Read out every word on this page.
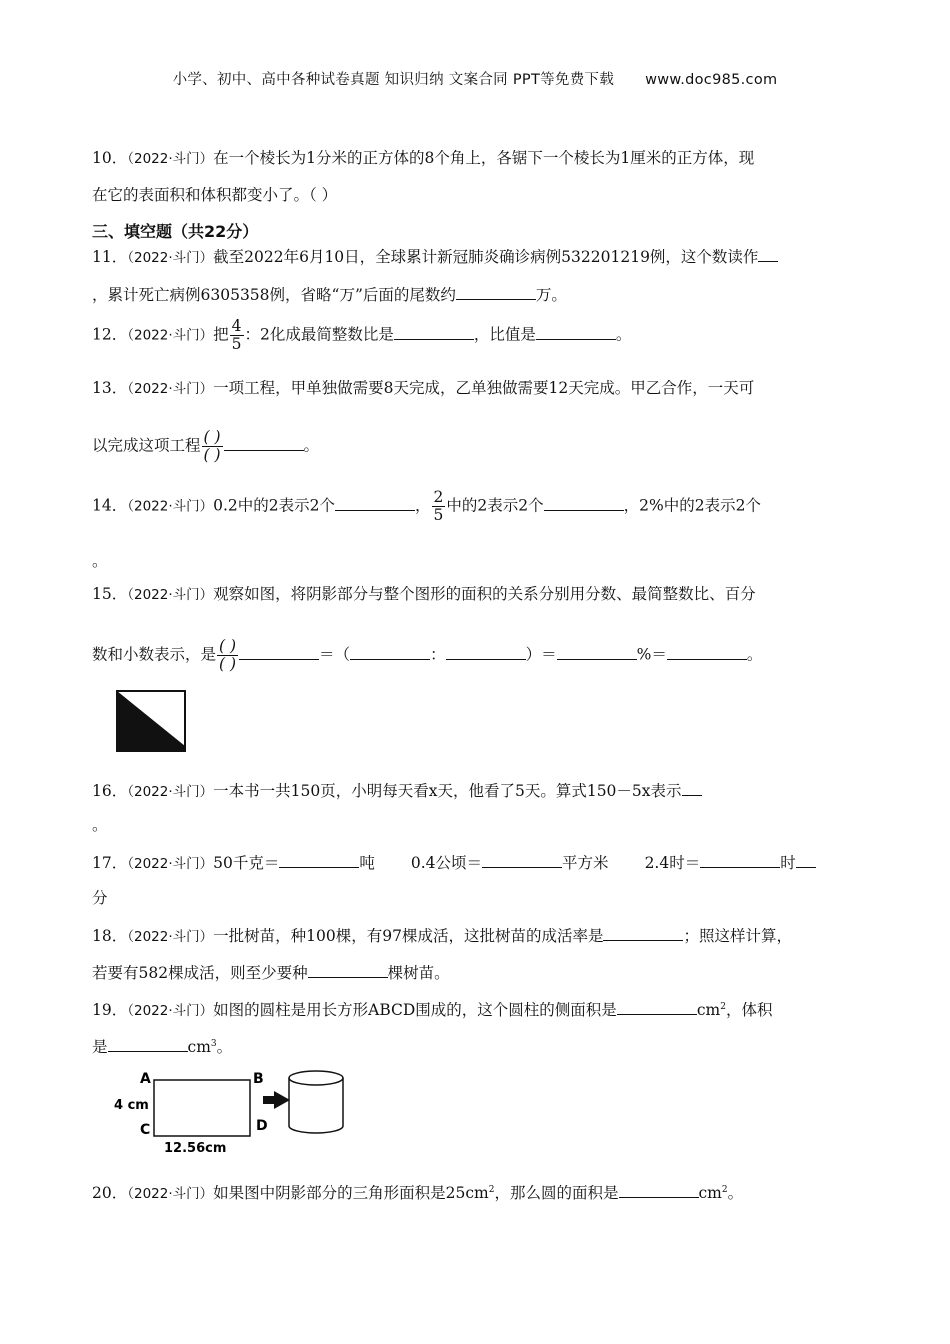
小学、初中、高中各种试卷真题 知识归纳 文案合同 PPT等免费下载 www.doc985.com
10．（2022·斗门）在一个棱长为1分米的正方体的8个角上，各锯下一个棱长为1厘米的正方体，现
在它的表面积和体积都变小了。（ ）
三、填空题（共22分）
11．（2022·斗门）截至2022年6月10日，全球累计新冠肺炎确诊病例532201219例，这个数读作
，累计死亡病例6305358例，省略“万”后面的尾数约	万。
12．（2022·斗门）把 $\frac{4}{5}$ ：2化成最简整数比是	，比值是	。
13．（2022·斗门）一项工程，甲单独做需要8天完成，乙单独做需要12天完成。甲乙合作，一天可
以完成这项工程 $\frac{( )}{( )}$	。
14．（2022·斗门）0.2中的2表示2个	， $\frac{2}{5}$ 中的2表示2个	，2%中的2表示2个
。
15．（2022·斗门）观察如图，将阴影部分与整个图形的面积的关系分别用分数、最简整数比、百分
数和小数表示，是 $\frac{( )}{( )}$	＝（	：	）＝	%＝	。
16．（2022·斗门）一本书一共150页，小明每天看x天，他看了5天。算式150－5x表示
。
17．（2022·斗门）50千克＝	吨 0.4公顷＝	平方米 2.4时＝	时
分
18．（2022·斗门）一批树苗，种100棵，有97棵成活，这批树苗的成活率是	；照这样计算，
若要有582棵成活，则至少要种	棵树苗。
19．（2022·斗门）如图的圆柱是用长方形ABCD围成的，这个圆柱的侧面积是	$cm^2$，体积
是	$cm^3$。
A	B
C	D
4 cm
12.56cm
20．（2022·斗门）如果图中阴影部分的三角形面积是$25cm^2$，那么圆的面积是	$cm^2$。
